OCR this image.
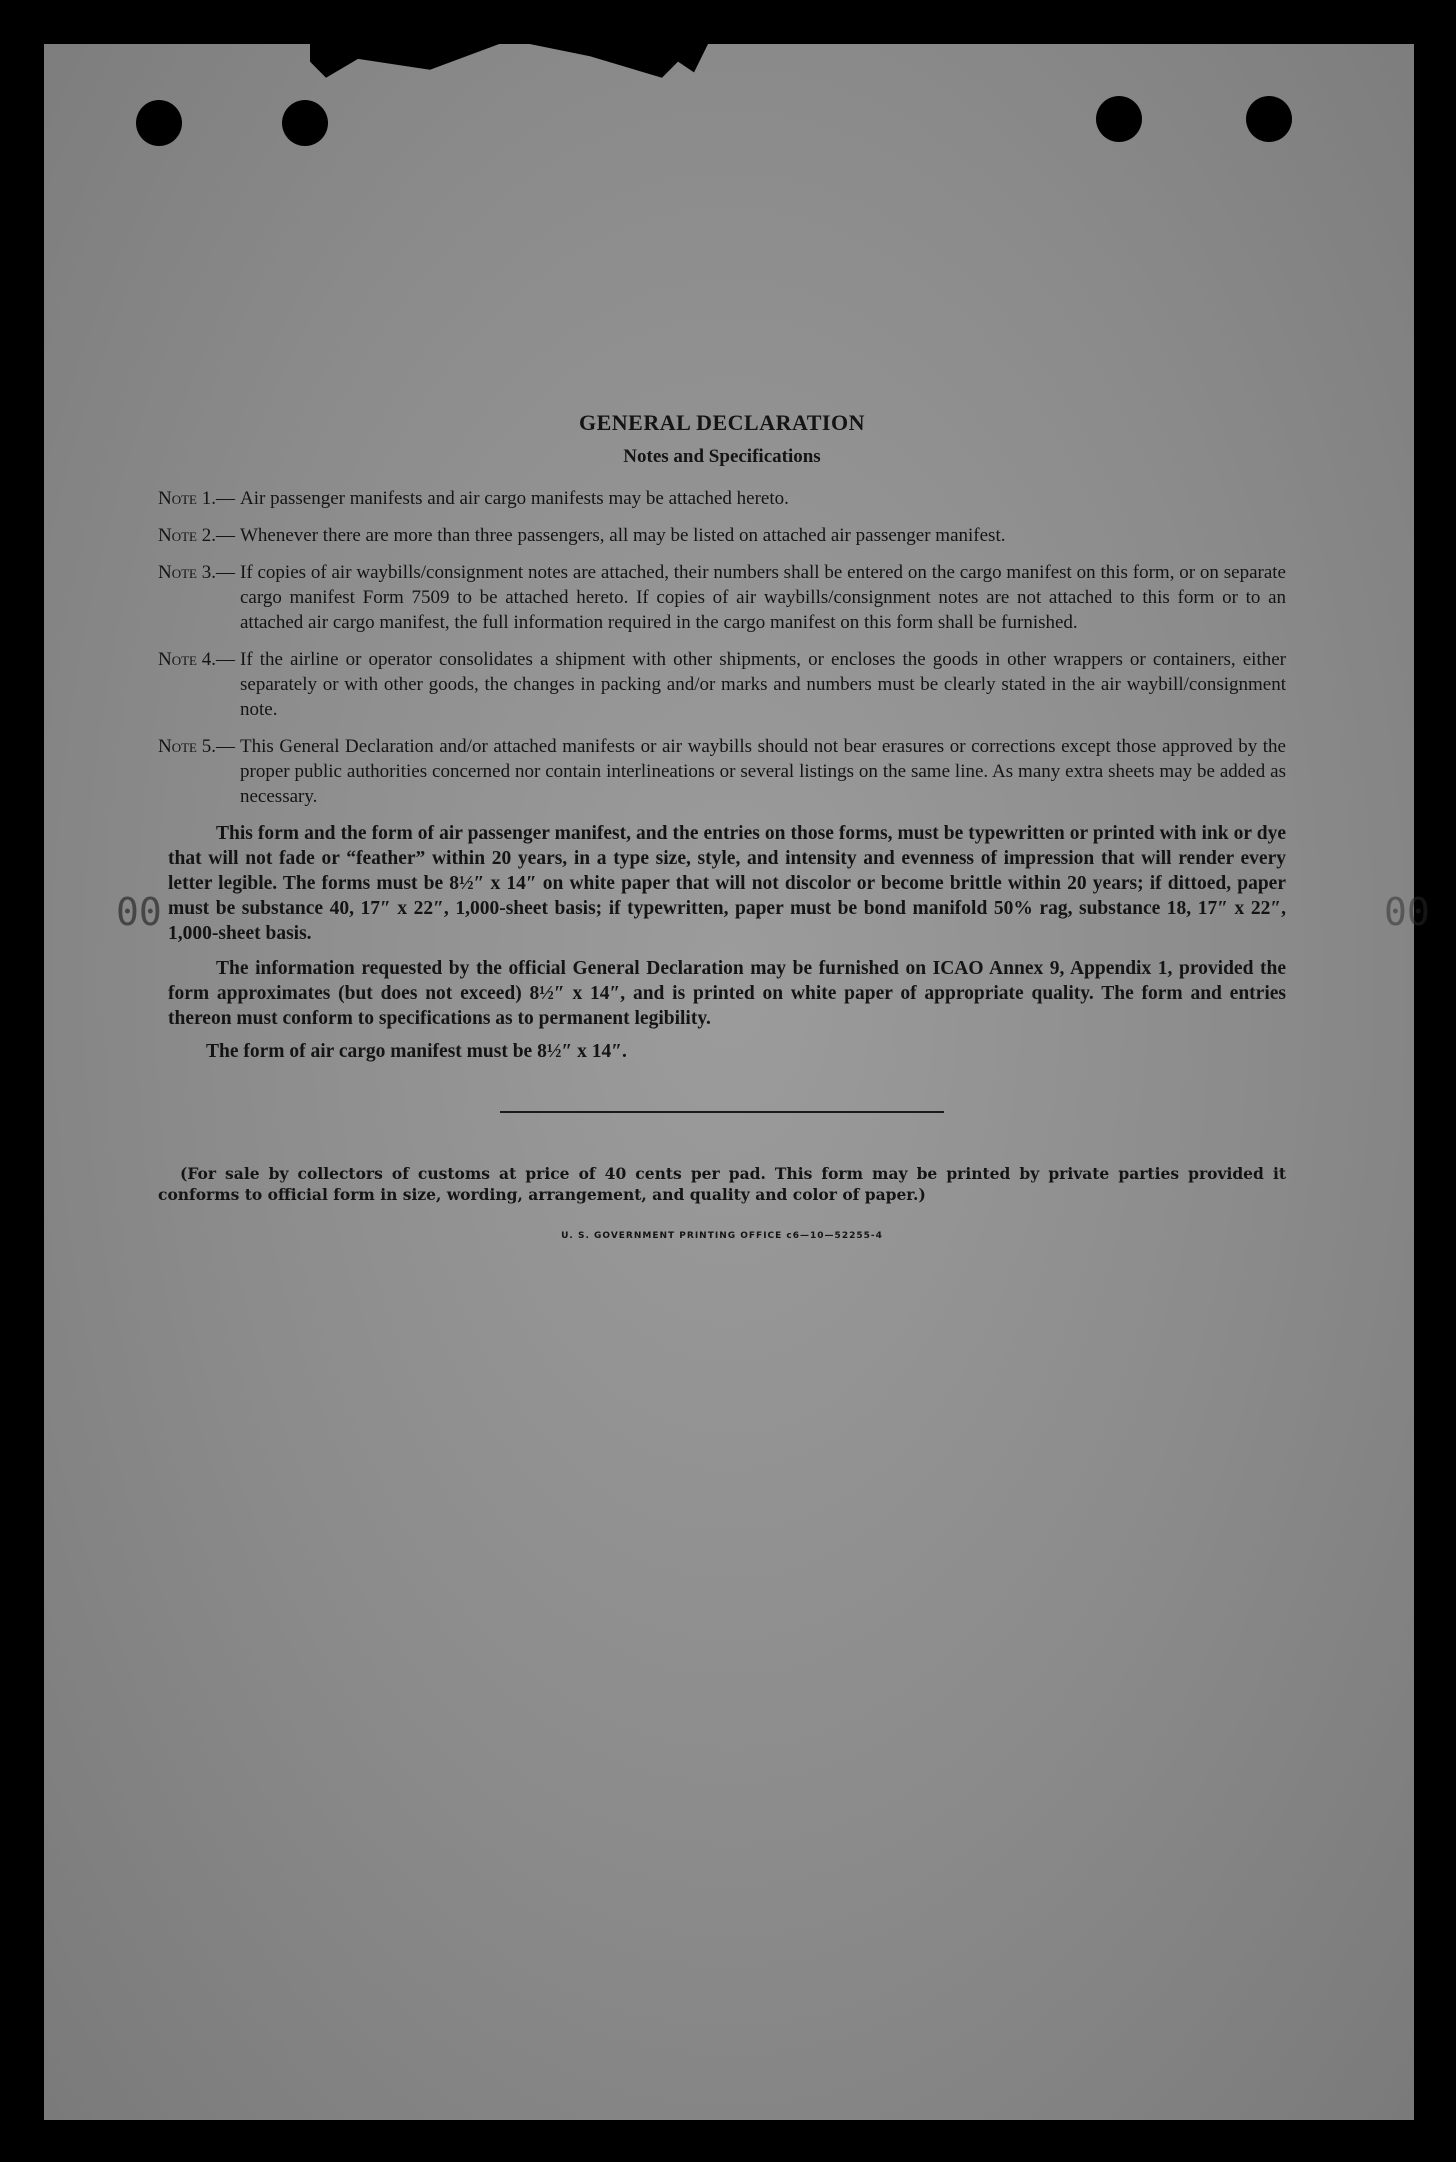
00	00
GENERAL DECLARATION
Notes and Specifications
Note 1.— Air passenger manifests and air cargo manifests may be attached hereto.
Note 2.— Whenever there are more than three passengers, all may be listed on attached air passenger manifest.
Note 3.— If copies of air waybills/consignment notes are attached, their numbers shall be entered on the cargo manifest on this form, or on separate cargo manifest Form 7509 to be attached hereto. If copies of air waybills/consignment notes are not attached to this form or to an attached air cargo manifest, the full information required in the cargo manifest on this form shall be furnished.
Note 4.— If the airline or operator consolidates a shipment with other shipments, or encloses the goods in other wrappers or containers, either separately or with other goods, the changes in packing and/or marks and numbers must be clearly stated in the air waybill/consignment note.
Note 5.— This General Declaration and/or attached manifests or air waybills should not bear erasures or corrections except those approved by the proper public authorities concerned nor contain interlineations or several listings on the same line. As many extra sheets may be added as necessary.

This form and the form of air passenger manifest, and the entries on those forms, must be typewritten or printed with ink or dye that will not fade or “feather” within 20 years, in a type size, style, and intensity and evenness of impression that will render every letter legible. The forms must be 8½″ x 14″ on white paper that will not discolor or become brittle within 20 years; if dittoed, paper must be substance 40, 17″ x 22″, 1,000-sheet basis; if typewritten, paper must be bond manifold 50% rag, substance 18, 17″ x 22″, 1,000-sheet basis.

The information requested by the official General Declaration may be furnished on ICAO Annex 9, Appendix 1, provided the form approximates (but does not exceed) 8½″ x 14″, and is printed on white paper of appropriate quality. The form and entries thereon must conform to specifications as to permanent legibility.

The form of air cargo manifest must be 8½″ x 14″.
(For sale by collectors of customs at price of 40 cents per pad. This form may be printed by private parties provided it conforms to official form in size, wording, arrangement, and quality and color of paper.)
U. S. GOVERNMENT PRINTING OFFICE c6—10—52255-4
